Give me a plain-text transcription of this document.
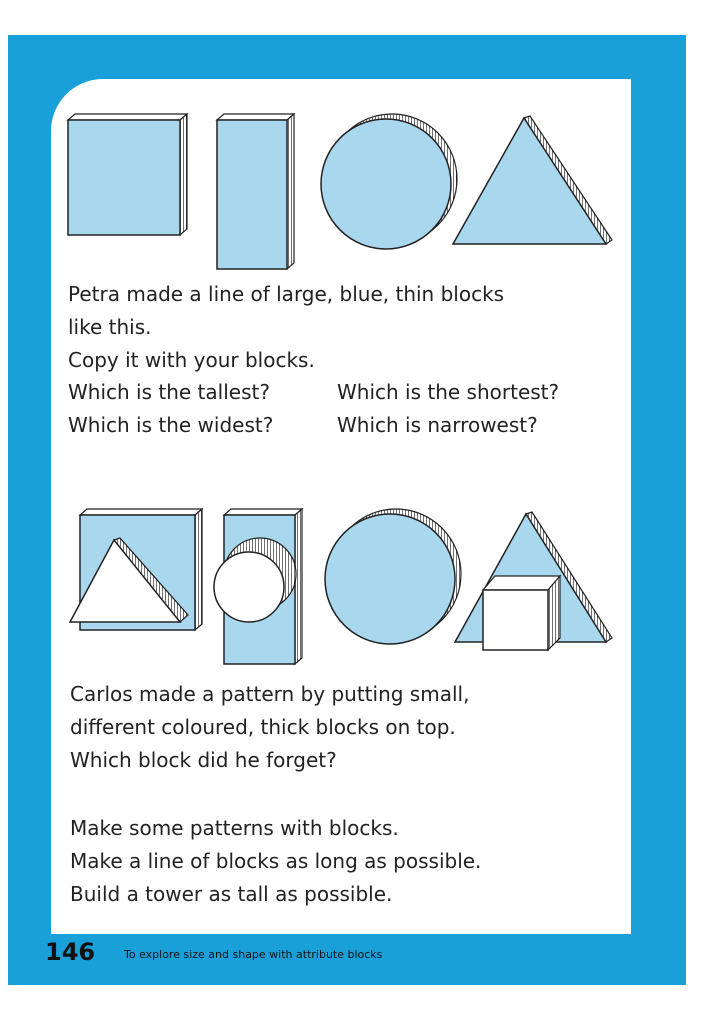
Petra made a line of large, blue, thin blocks
like this.
Copy it with your blocks.
Which is the tallest?	Which is the shortest?
Which is the widest?	Which is narrowest?
Carlos made a pattern by putting small,
different coloured, thick blocks on top.
Which block did he forget?
Make some patterns with blocks.
Make a line of blocks as long as possible.
Build a tower as tall as possible.
146	To explore size and shape with attribute blocks
